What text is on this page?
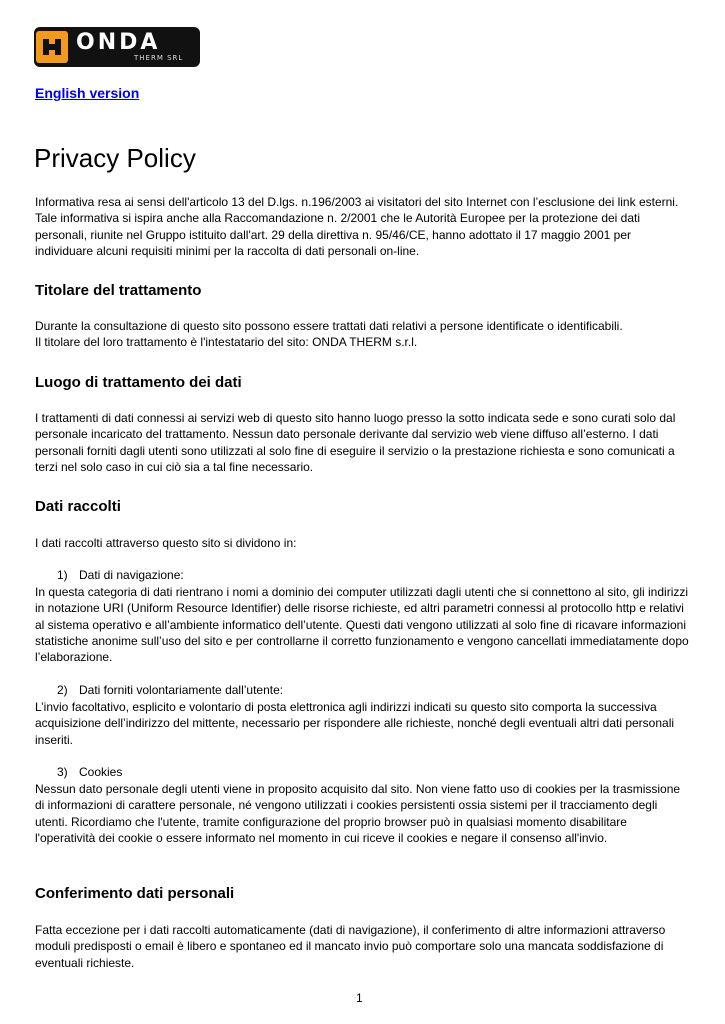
ONDA
THERM SRL
English version
Privacy Policy

Informativa resa ai sensi dell'articolo 13 del D.lgs. n.196/2003 ai visitatori del sito Internet con l’esclusione dei link esterni. Tale informativa si ispira anche alla Raccomandazione n. 2/2001 che le Autorità Europee per la protezione dei dati personali, riunite nel Gruppo istituito dall'art. 29 della direttiva n. 95/46/CE, hanno adottato il 17 maggio 2001 per individuare alcuni requisiti minimi per la raccolta di dati personali on-line.

Titolare del trattamento

Durante la consultazione di questo sito possono essere trattati dati relativi a persone identificate o identificabili.

Il titolare del loro trattamento è l'intestatario del sito: ONDA THERM s.r.l.

Luogo di trattamento dei dati

I trattamenti di dati connessi ai servizi web di questo sito hanno luogo presso la sotto indicata sede e sono curati solo dal personale incaricato del trattamento. Nessun dato personale derivante dal servizio web viene diffuso all’esterno. I dati personali forniti dagli utenti sono utilizzati al solo fine di eseguire il servizio o la prestazione richiesta e sono comunicati a terzi nel solo caso in cui ciò sia a tal fine necessario.

Dati raccolti

I dati raccolti attraverso questo sito si dividono in:

1) Dati di navigazione:

In questa categoria di dati rientrano i nomi a dominio dei computer utilizzati dagli utenti che si connettono al sito, gli indirizzi in notazione URI (Uniform Resource Identifier) delle risorse richieste, ed altri parametri connessi al protocollo http e relativi al sistema operativo e all’ambiente informatico dell’utente. Questi dati vengono utilizzati al solo fine di ricavare informazioni statistiche anonime sull’uso del sito e per controllarne il corretto funzionamento e vengono cancellati immediatamente dopo l’elaborazione.

2) Dati forniti volontariamente dall’utente:

L’invio facoltativo, esplicito e volontario di posta elettronica agli indirizzi indicati su questo sito comporta la successiva acquisizione dell’indirizzo del mittente, necessario per rispondere alle richieste, nonché degli eventuali altri dati personali inseriti.

3) Cookies

Nessun dato personale degli utenti viene in proposito acquisito dal sito. Non viene fatto uso di cookies per la trasmissione di informazioni di carattere personale, né vengono utilizzati i cookies persistenti ossia sistemi per il tracciamento degli utenti. Ricordiamo che l'utente, tramite configurazione del proprio browser può in qualsiasi momento disabilitare l'operatività dei cookie o essere informato nel momento in cui riceve il cookies e negare il consenso all'invio.

Conferimento dati personali

Fatta eccezione per i dati raccolti automaticamente (dati di navigazione), il conferimento di altre informazioni attraverso moduli predisposti o email è libero e spontaneo ed il mancato invio può comportare solo una mancata soddisfazione di eventuali richieste.

1
